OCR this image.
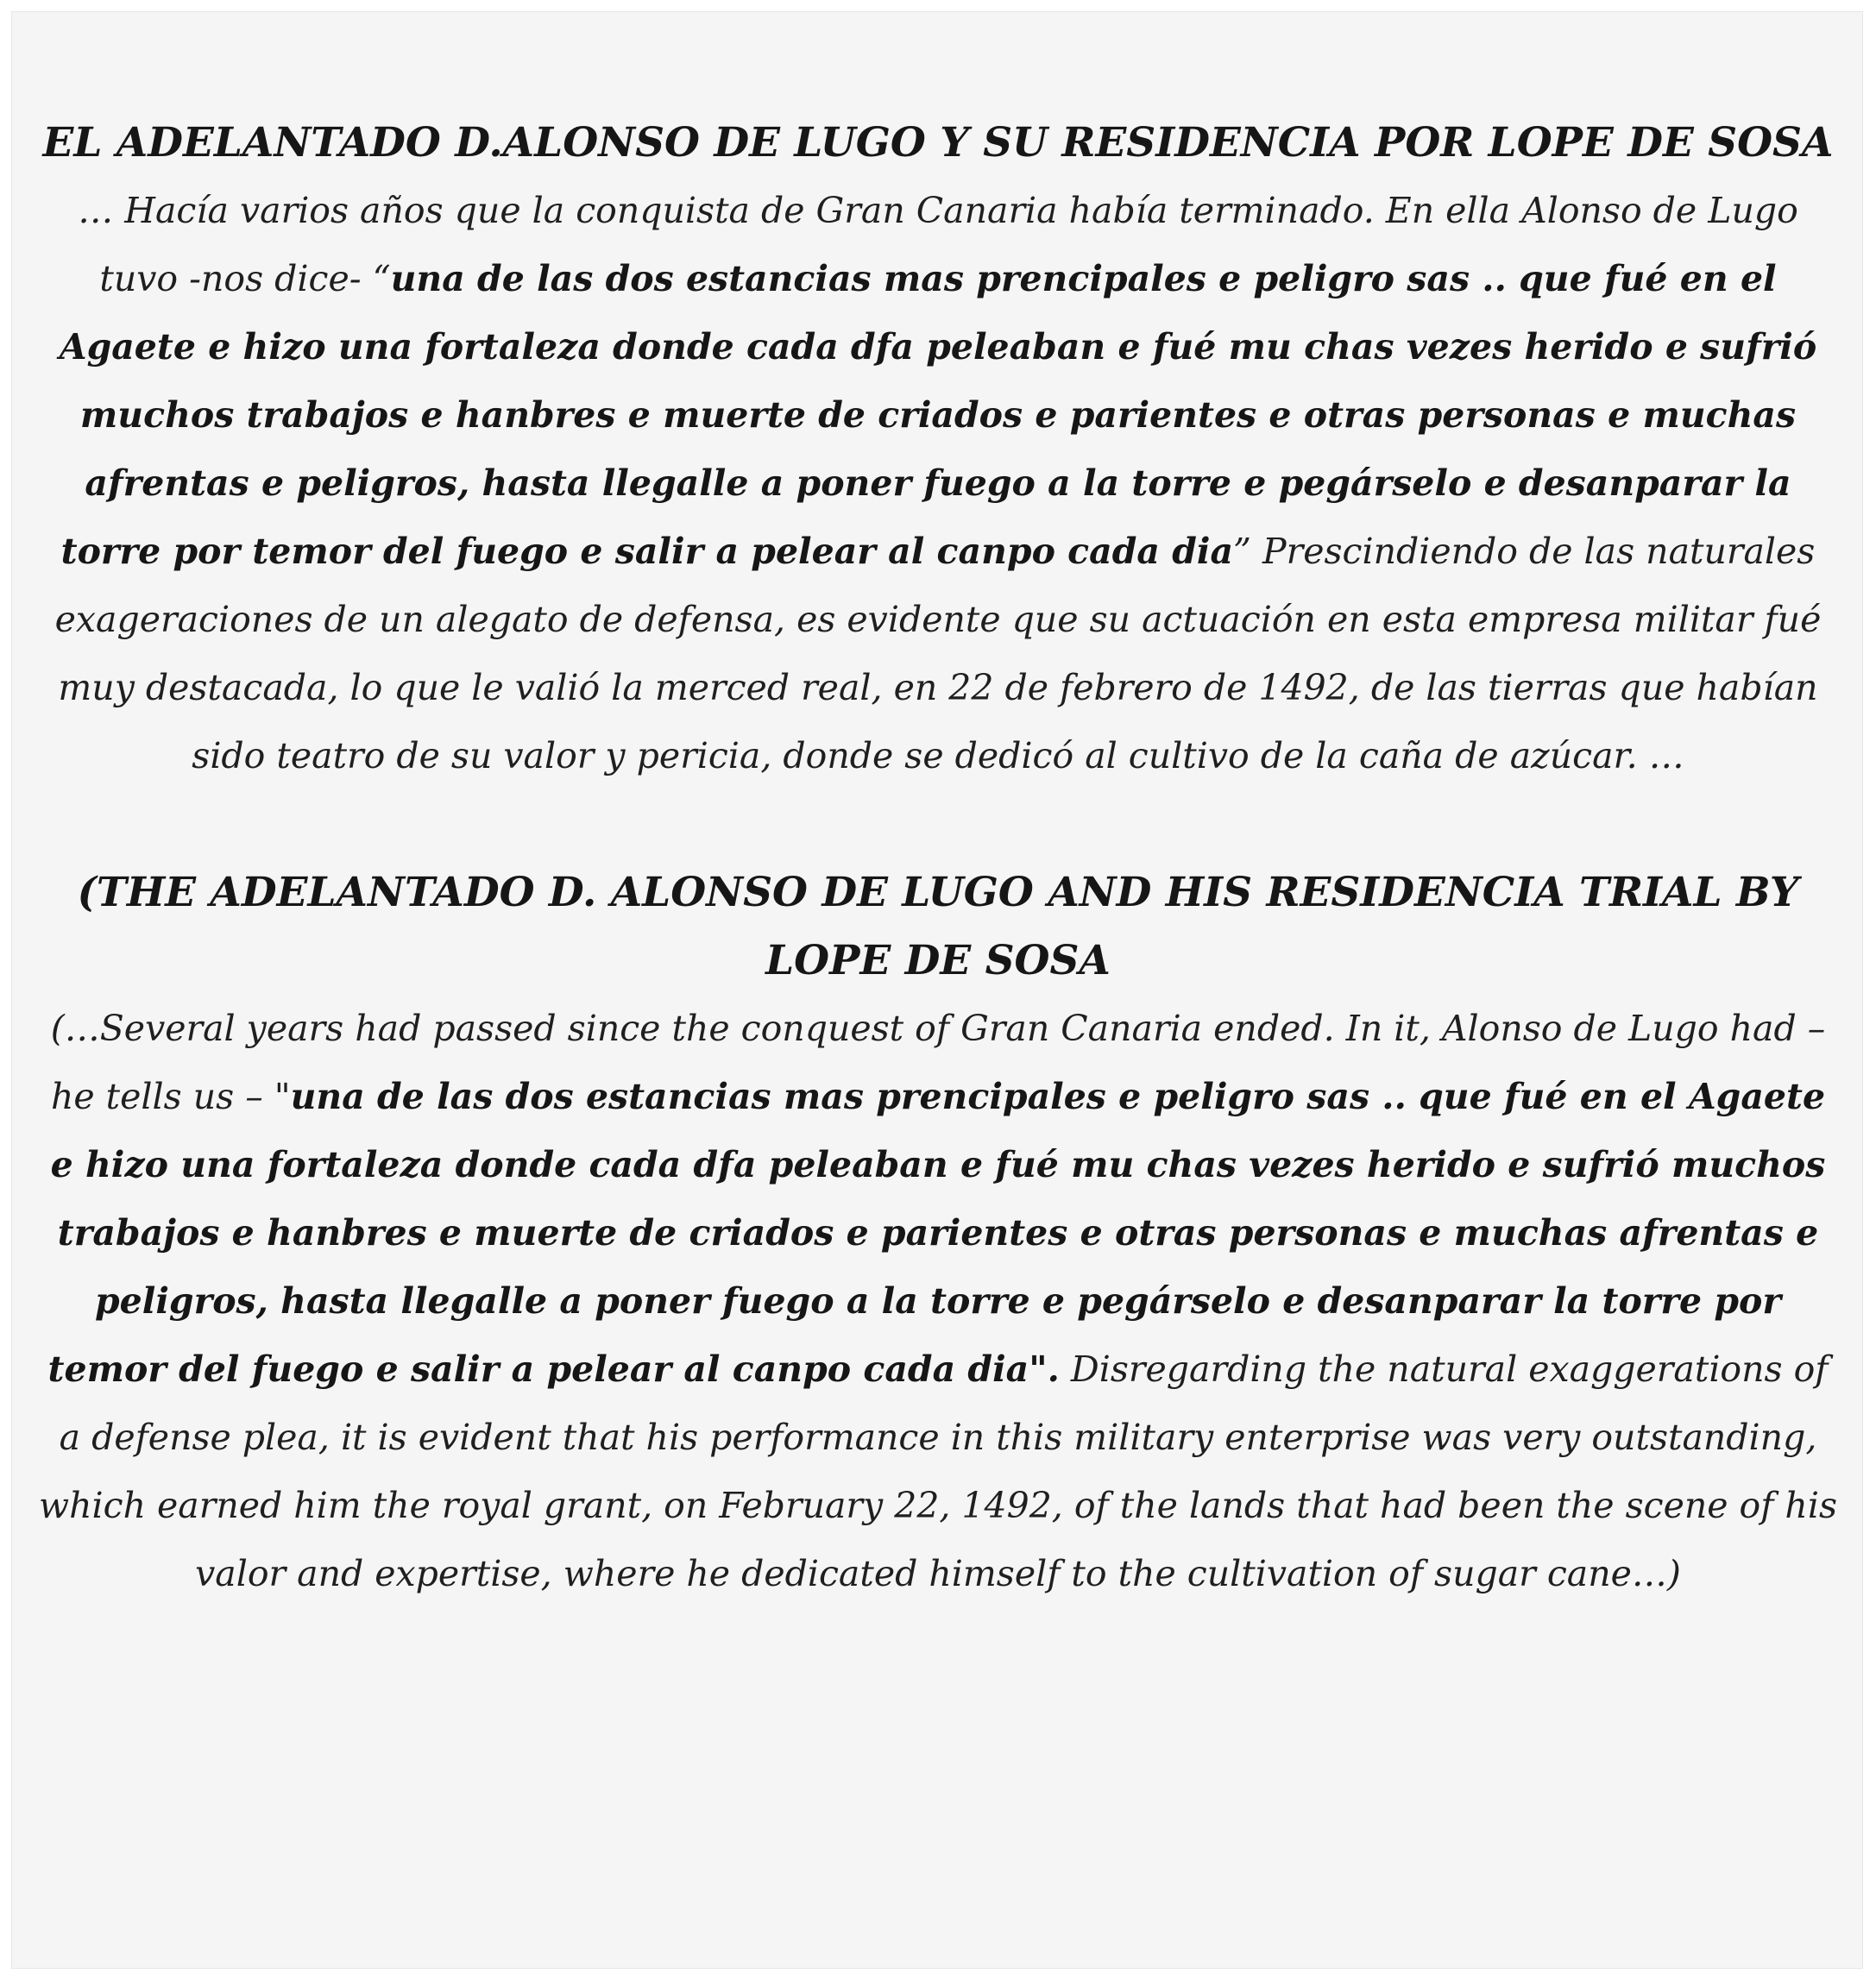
EL ADELANTADO D.ALONSO DE LUGO Y SU RESIDENCIA POR LOPE DE SOSA

… Hacía varios años que la conquista de Gran Canaria había terminado. En ella Alonso de Lugo tuvo -nos dice- “una de las dos estancias mas prencipales e peligro sas .. que fué en el Agaete e hizo una fortaleza donde cada dfa peleaban e fué mu chas vezes herido e sufrió muchos trabajos e hanbres e muerte de criados e parientes e otras personas e muchas afrentas e peligros, hasta llegalle a poner fuego a la torre e pegárselo e desanparar la torre por temor del fuego e salir a pelear al canpo cada dia” Prescindiendo de las naturales exageraciones de un alegato de defensa, es evidente que su actuación en esta empresa militar fué muy destacada, lo que le valió la merced real, en 22 de febrero de 1492, de las tierras que habían sido teatro de su valor y pericia, donde se dedicó al cultivo de la caña de azúcar. …

(THE ADELANTADO D. ALONSO DE LUGO AND HIS RESIDENCIA TRIAL BY LOPE DE SOSA

(…Several years had passed since the conquest of Gran Canaria ended. In it, Alonso de Lugo had – he tells us – "una de las dos estancias mas prencipales e peligro sas .. que fué en el Agaete e hizo una fortaleza donde cada dfa peleaban e fué mu chas vezes herido e sufrió muchos trabajos e hanbres e muerte de criados e parientes e otras personas e muchas afrentas e peligros, hasta llegalle a poner fuego a la torre e pegárselo e desanparar la torre por temor del fuego e salir a pelear al canpo cada dia". Disregarding the natural exaggerations of a defense plea, it is evident that his performance in this military enterprise was very outstanding, which earned him the royal grant, on February 22, 1492, of the lands that had been the scene of his valor and expertise, where he dedicated himself to the cultivation of sugar cane…)
